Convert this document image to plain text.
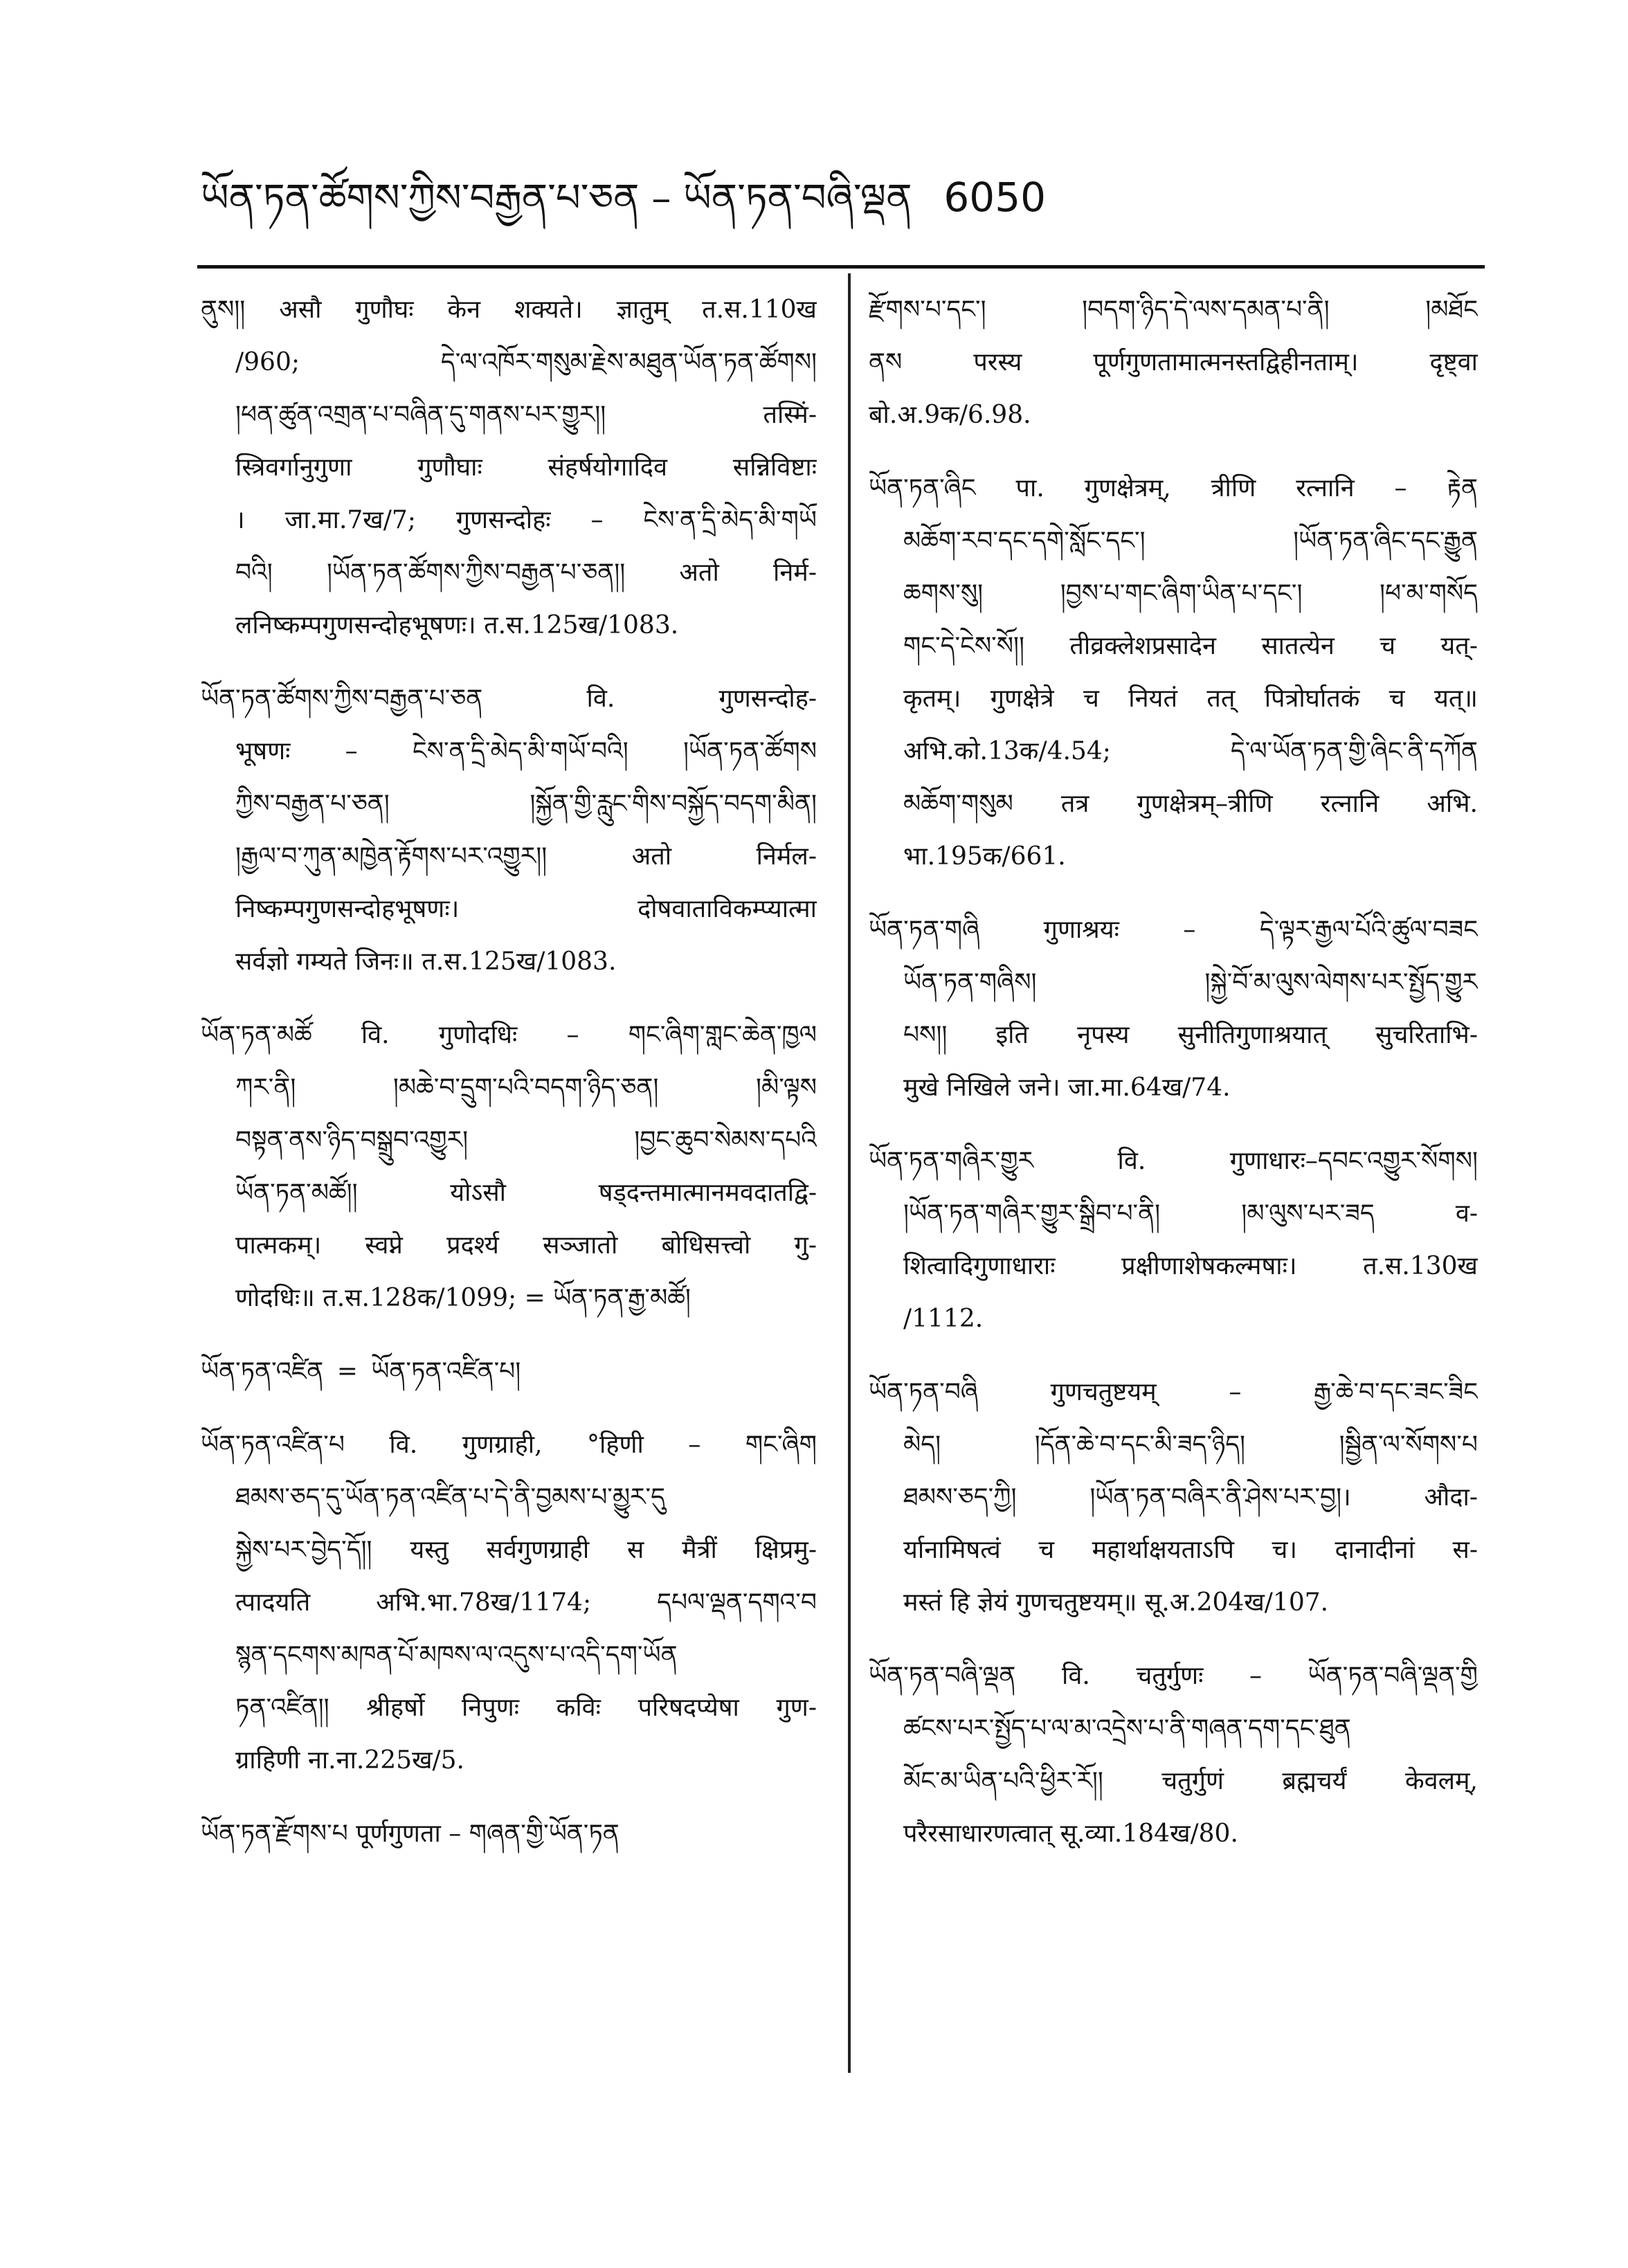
ཡོན་ཏན་ཚོགས་ཀྱིས་བརྒྱན་པ་ཅན – ཡོན་ཏན་བཞི་ལྡན 6050
ནུས།། असौ गुणौघः केन शक्यते। ज्ञातुम् त.स.110ख
/960; དེ་ལ་འཁོར་གསུམ་རྗེས་མཐུན་ཡོན་ཏན་ཚོགས།
།ཕན་ཚུན་འགྲན་པ་བཞིན་དུ་གནས་པར་གྱུར།། तस्मिं-
स्त्रिवर्गानुगुणा गुणौघाः संहर्षयोगादिव सन्निविष्टाः
। जा.मा.7ख/7; गुणसन्दोहः – ངེས་ན་དྲི་མེད་མི་གཡོ
བའི། །ཡོན་ཏན་ཚོགས་ཀྱིས་བརྒྱན་པ་ཅན།། अतो निर्म-
लनिष्कम्पगुणसन्दोहभूषणः। त.स.125ख/1083.
ཡོན་ཏན་ཚོགས་ཀྱིས་བརྒྱན་པ་ཅན वि. गुणसन्दोह-
भूषणः – ངེས་ན་དྲི་མེད་མི་གཡོ་བའི། །ཡོན་ཏན་ཚོགས
ཀྱིས་བརྒྱན་པ་ཅན། །སྐྱོན་གྱི་རླུང་གིས་བསྐྱོད་བདག་མིན།
།རྒྱལ་བ་ཀུན་མཁྱེན་རྟོགས་པར་འགྱུར།། अतो निर्मल-
निष्कम्पगुणसन्दोहभूषणः। दोषवाताविकम्प्यात्मा
सर्वज्ञो गम्यते जिनः॥ त.स.125ख/1083.
ཡོན་ཏན་མཚོ वि. गुणोदधिः – གང་ཞིག་གླང་ཆེན་ཁྱལ
ཀར་ནི། །མཆེ་བ་དྲུག་པའི་བདག་ཉིད་ཅན། །མི་ལྟས
བསྟན་ནས་ཉིད་བསྒྲུབ་འགྱུར། །བྱང་ཆུབ་སེམས་དཔའི
ཡོན་ཏན་མཚོ།། योऽसौ षड्दन्तमात्मानमवदातद्वि-
पात्मकम्। स्वप्ने प्रदर्श्य सञ्जातो बोधिसत्त्वो गु-
णोदधिः॥ त.स.128क/1099; = ཡོན་ཏན་རྒྱ་མཚོ།
ཡོན་ཏན་འཛིན = ཡོན་ཏན་འཛིན་པ།
ཡོན་ཏན་འཛིན་པ वि. गुणग्राही, °हिणी – གང་ཞིག
ཐམས་ཅད་དུ་ཡོན་ཏན་འཛིན་པ་དེ་ནི་བྱམས་པ་མྱུར་དུ
སྐྱེས་པར་བྱེད་དོ།། यस्तु सर्वगुणग्राही स मैत्रीं क्षिप्रमु-
त्पादयति अभि.भा.78ख/1174; དཔལ་ལྡན་དགའ་བ
སྙན་དངགས་མཁན་པོ་མཁས་ལ་འདུས་པ་འདི་དག་ཡོན
ཏན་འཛིན།། श्रीहर्षो निपुणः कविः परिषदप्येषा गुण-
ग्राहिणी ना.ना.225ख/5.
ཡོན་ཏན་རྫོགས་པ पूर्णगुणता – གཞན་གྱི་ཡོན་ཏན
རྫོགས་པ་དང་། །བདག་ཉིད་དེ་ལས་དམན་པ་ནི། །མཐོང
ནས परस्य पूर्णगुणतामात्मनस्तद्विहीनताम्। दृष्ट्वा
बो.अ.9क/6.98.
ཡོན་ཏན་ཞིང पा. गुणक्षेत्रम्, त्रीणि रत्नानि – རྟེན
མཆོག་རབ་དང་དགེ་སློང་དང་། །ཡོན་ཏན་ཞིང་དང་རྒྱུན
ཆགས་སུ། །བྱས་པ་གང་ཞིག་ཡིན་པ་དང་། །ཕ་མ་གསོད
གང་དེ་ངེས་སོ།། तीव्रक्लेशप्रसादेन सातत्येन च यत्-
कृतम्। गुणक्षेत्रे च नियतं तत् पित्रोर्घातकं च यत्॥
अभि.को.13क/4.54; དེ་ལ་ཡོན་ཏན་གྱི་ཞིང་ནི་དཀོན
མཆོག་གསུམ तत्र गुणक्षेत्रम्–त्रीणि रत्नानि अभि.
भा.195क/661.
ཡོན་ཏན་གཞི गुणाश्रयः – དེ་ལྟར་རྒྱལ་པོའི་ཚུལ་བཟང
ཡོན་ཏན་གཞིས། །སྐྱེ་བོ་མ་ལུས་ལེགས་པར་སྤྱོད་གྱུར
པས།། इति नृपस्य सुनीतिगुणाश्रयात् सुचरिताभि-
मुखे निखिले जने। जा.मा.64ख/74.
ཡོན་ཏན་གཞིར་གྱུར वि. गुणाधारः–དབང་འགྱུར་སོགས།
།ཡོན་ཏན་གཞིར་གྱུར་སྒྲིབ་པ་ནི། །མ་ལུས་པར་ཟད व-
शित्वादिगुणाधाराः प्रक्षीणाशेषकल्मषाः। त.स.130ख
/1112.
ཡོན་ཏན་བཞི गुणचतुष्टयम् – རྒྱ་ཆེ་བ་དང་ཟང་ཟིང
མེད། །དོན་ཆེ་བ་དང་མི་ཟད་ཉིད། །སྦྱིན་ལ་སོགས་པ
ཐམས་ཅད་ཀྱི། །ཡོན་ཏན་བཞིར་ནི་ཤེས་པར་བྱ།। औदा-
र्यानामिषत्वं च महार्थाक्षयताऽपि च। दानादीनां स-
मस्तं हि ज्ञेयं गुणचतुष्टयम्॥ सू.अ.204ख/107.
ཡོན་ཏན་བཞི་ལྡན वि. चतुर्गुणः – ཡོན་ཏན་བཞི་ལྡན་གྱི
ཚངས་པར་སྤྱོད་པ་ལ་མ་འདྲེས་པ་ནི་གཞན་དག་དང་ཐུན
མོང་མ་ཡིན་པའི་ཕྱིར་རོ།། चतुर्गुणं ब्रह्मचर्यं केवलम्,
परैरसाधारणत्वात् सू.व्या.184ख/80.
